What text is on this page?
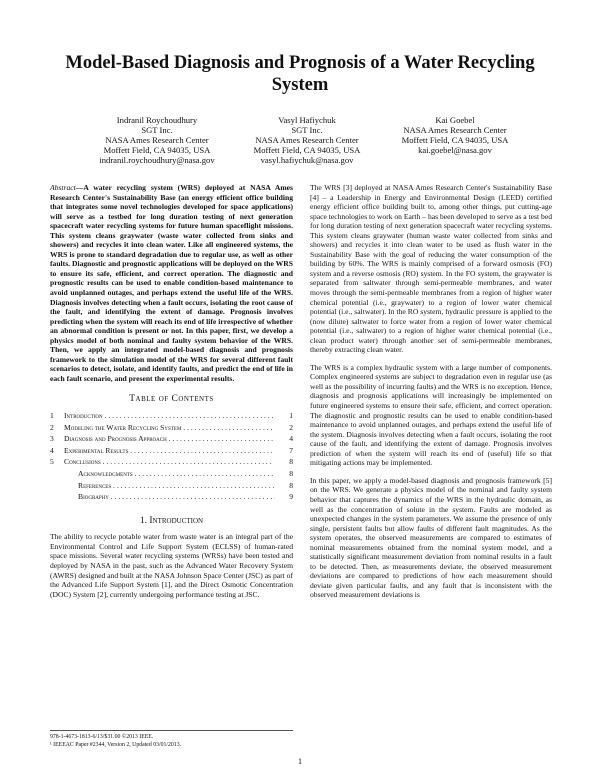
Model-Based Diagnosis and Prognosis of a Water Recycling System
Indranil Roychoudhury
SGT Inc.
NASA Ames Research Center
Moffett Field, CA 94035, USA
indranil.roychoudhury@nasa.gov
Vasyl Hafiychuk
SGT Inc.
NASA Ames Research Center
Moffett Field, CA 94035, USA
vasyl.hafiychuk@nasa.gov
Kai Goebel
NASA Ames Research Center
Moffett Field, CA 94035, USA
kai.goebel@nasa.gov

Abstract—A water recycling system (WRS) deployed at NASA Ames Research Center's Sustainability Base (an energy efficient office building that integrates some novel technologies developed for space applications) will serve as a testbed for long duration testing of next generation spacecraft water recycling systems for future human spaceflight missions. This system cleans graywater (waste water collected from sinks and showers) and recycles it into clean water. Like all engineered systems, the WRS is prone to standard degradation due to regular use, as well as other faults. Diagnostic and prognostic applications will be deployed on the WRS to ensure its safe, efficient, and correct operation. The diagnostic and prognostic results can be used to enable condition-based maintenance to avoid unplanned outages, and perhaps extend the useful life of the WRS. Diagnosis involves detecting when a fault occurs, isolating the root cause of the fault, and identifying the extent of damage. Prognosis involves predicting when the system will reach its end of life irrespective of whether an abnormal condition is present or not. In this paper, first, we develop a physics model of both nominal and faulty system behavior of the WRS. Then, we apply an integrated model-based diagnosis and prognosis framework to the simulation model of the WRS for several different fault scenarios to detect, isolate, and identify faults, and predict the end of life in each fault scenario, and present the experimental results.

Table of Contents
1	Introduction . . .	1
2	Modeling the Water Recycling System . . .	2
3	Diagnosis and Prognosis Approach . . .	4
4	Experimental Results . . .	7
5	Conclusions . . .	8
Acknowledgments . . .	8
References . . .	8
Biography . . .	9
1. Introduction

The ability to recycle potable water from waste water is an integral part of the Environmental Control and Life Support System (ECLSS) of human-rated space missions. Several water recycling systems (WRSs) have been tested and deployed by NASA in the past, such as the Advanced Water Recovery System (AWRS) designed and built at the NASA Johnson Space Center (JSC) as part of the Advanced Life Support System [1], and the Direct Osmotic Concentration (DOC) System [2], currently undergoing performance testing at JSC.

978-1-4673-1813-6/13/$31.00 ©2013 IEEE.
¹ IEEEAC Paper #2344, Version 2, Updated 03/01/2013.

The WRS [3] deployed at NASA Ames Research Center's Sustainability Base [4] – a Leadership in Energy and Environmental Design (LEED) certified energy efficient office building built to, among other things, put cutting-age space technologies to work on Earth – has been developed to serve as a test bed for long duration testing of next generation spacecraft water recycling systems. This system cleans graywater (human waste water collected from sinks and showers) and recycles it into clean water to be used as flush water in the Sustainability Base with the goal of reducing the water consumption of the building by 60%. The WRS is mainly comprised of a forward osmosis (FO) system and a reverse osmosis (RO) system. In the FO system, the graywater is separated from saltwater through semi-permeable membranes, and water moves through the semi-permeable membranes from a region of higher water chemical potential (i.e., graywater) to a region of lower water chemical potential (i.e., saltwater). In the RO system, hydraulic pressure is applied to the (now dilute) saltwater to force water from a region of lower water chemical potential (i.e., saltwater) to a region of higher water chemical potential (i.e., clean product water) through another set of semi-permeable membranes, thereby extracting clean water.

The WRS is a complex hydraulic system with a large number of components. Complex engineered systems are subject to degradation even in regular use (as well as the possibility of incurring faults) and the WRS is no exception. Hence, diagnosis and prognosis applications will increasingly be implemented on future engineered systems to ensure their safe, efficient, and correct operation. The diagnostic and prognostic results can be used to enable condition-based maintenance to avoid unplanned outages, and perhaps extend the useful life of the system. Diagnosis involves detecting when a fault occurs, isolating the root cause of the fault, and identifying the extent of damage. Prognosis involves prediction of when the system will reach its end of (useful) life so that mitigating actions may be implemented.

In this paper, we apply a model-based diagnosis and prognosis framework [5] on the WRS. We generate a physics model of the nominal and faulty system behavior that captures the dynamics of the WRS in the hydraulic domain, as well as the concentration of solute in the system. Faults are modeled as unexpected changes in the system parameters. We assume the presence of only single, persistent faults but allow faults of different fault magnitudes. As the system operates, the observed measurements are compared to estimates of nominal measurements obtained from the nominal system model, and a statistically significant measurement deviation from nominal results in a fault to be detected. Then, as measurements deviate, the observed measurement deviations are compared to predictions of how each measurement should deviate given particular faults, and any fault that is inconsistent with the observed measurement deviations is

1
